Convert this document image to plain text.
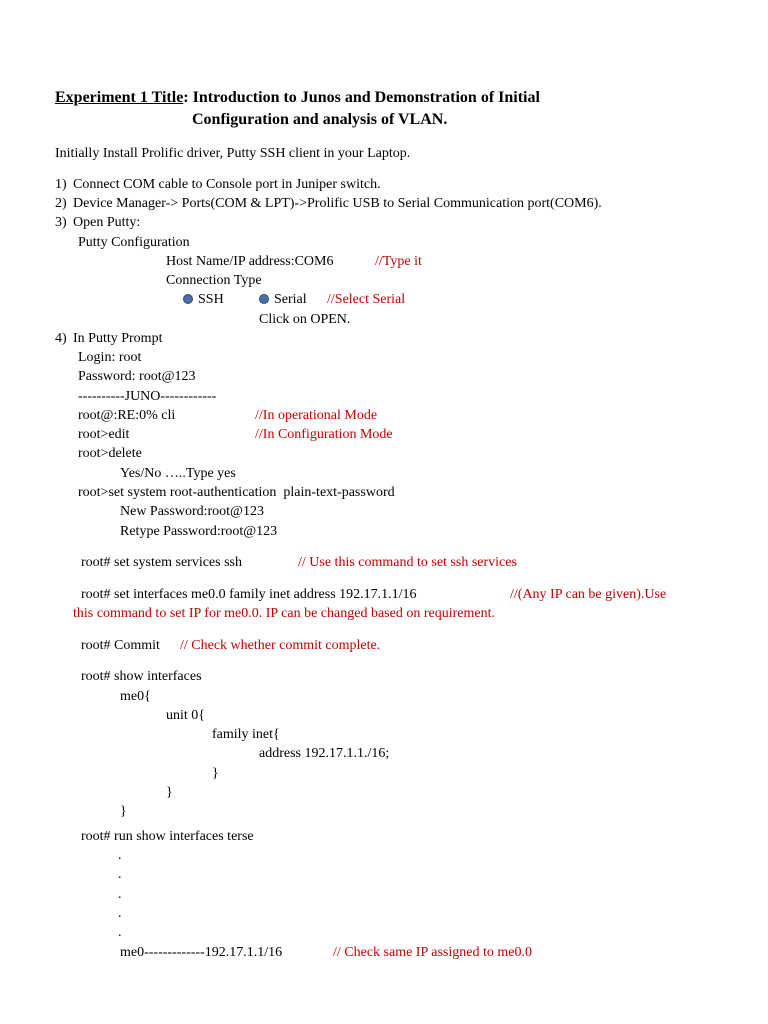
Experiment 1 Title: Introduction to Junos and Demonstration of Initial
Configuration and analysis of VLAN.
Initially Install Prolific driver, Putty SSH client in your Laptop.
1) Connect COM cable to Console port in Juniper switch.
2) Device Manager-> Ports(COM & LPT)->Prolific USB to Serial Communication port(COM6).
3) Open Putty:
Putty Configuration
Host Name/IP address:COM6	//Type it
Connection Type
SSH	Serial //Select Serial
Click on OPEN.
4) In Putty Prompt
Login: root
Password: root@123
----------JUNO------------
root@:RE:0% cli	//In operational Mode
root>edit	//In Configuration Mode
root>delete
Yes/No …..Type yes
root>set system root-authentication  plain-text-password
New Password:root@123
Retype Password:root@123
root# set system services ssh	// Use this command to set ssh services
root# set interfaces me0.0 family inet address 192.17.1.1/16	//(Any IP can be given).Use
this command to set IP for me0.0. IP can be changed based on requirement.
root# Commit // Check whether commit complete.
root# show interfaces
me0{
unit 0{
family inet{
address 192.17.1.1./16;
}
}
}
root# run show interfaces terse
.
.
.
.
.
me0-------------192.17.1.1/16	// Check same IP assigned to me0.0
